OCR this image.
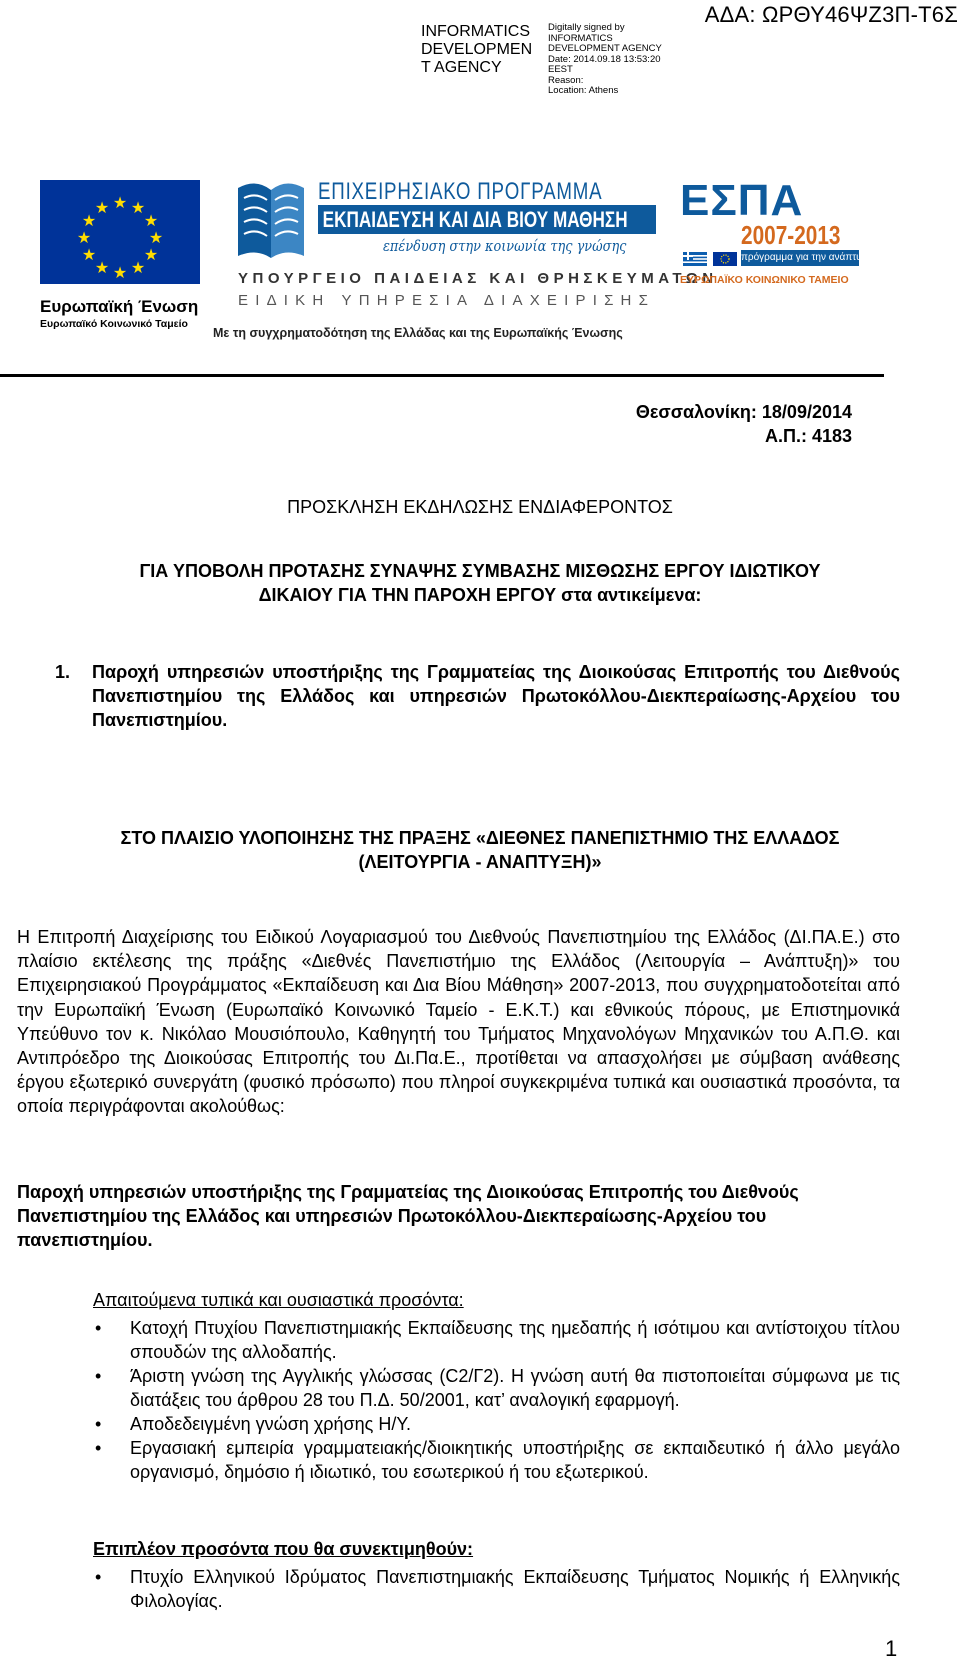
ΑΔΑ: ΩΡΘΥ46ΨΖ3Π-Τ6Σ
INFORMATICS
DEVELOPMEN
T AGENCY
Digitally signed by
INFORMATICS
DEVELOPMENT AGENCY
Date: 2014.09.18 13:53:20
EEST
Reason:
Location: Athens
★ ★
★
★
★
★
★
★
★
★
★
★
Ευρωπαϊκή Ένωση
Ευρωπαϊκό Κοινωνικό Ταμείο
ΕΠΙΧΕΙΡΗΣΙΑΚΟ ΠΡΟΓΡΑΜΜΑ
ΕΚΠΑΙΔΕΥΣΗ ΚΑΙ ΔΙΑ ΒΙΟΥ ΜΑΘΗΣΗ
επένδυση στην κοινωνία της γνώσης
ΥΠΟΥΡΓΕΙΟ ΠΑΙΔΕΙΑΣ ΚΑΙ ΘΡΗΣΚΕΥΜΑΤΩΝ
ΕΙΔΙΚΗ ΥΠΗΡΕΣΙΑ ΔΙΑΧΕΙΡΙΣΗΣ
Με τη συγχρηματοδότηση της Ελλάδας και της Ευρωπαϊκής Ένωσης
ΕΣΠΑ
2007-2013
πρόγραμμα για την ανάπτυξη
ΕΥΡΩΠΑΪΚΟ ΚΟΙΝΩΝΙΚΟ ΤΑΜΕΙΟ
Θεσσαλονίκη: 18/09/2014
Α.Π.: 4183
ΠΡΟΣΚΛΗΣΗ ΕΚΔΗΛΩΣΗΣ ΕΝΔΙΑΦΕΡΟΝΤΟΣ
ΓΙΑ ΥΠΟΒΟΛΗ ΠΡΟΤΑΣΗΣ ΣΥΝΑΨΗΣ ΣΥΜΒΑΣΗΣ ΜΙΣΘΩΣΗΣ ΕΡΓΟΥ ΙΔΙΩΤΙΚΟΥ
ΔΙΚΑΙΟΥ ΓΙΑ ΤΗΝ ΠΑΡΟΧΗ ΕΡΓΟΥ στα αντικείμενα:
1. Παροχή υπηρεσιών υποστήριξης της Γραμματείας της Διοικούσας Επιτροπής του Διεθνούς Πανεπιστημίου της Ελλάδος και υπηρεσιών Πρωτοκόλλου-Διεκπεραίωσης-Αρχείου του Πανεπιστημίου.
ΣΤΟ ΠΛΑΙΣΙΟ ΥΛΟΠΟΙΗΣΗΣ ΤΗΣ ΠΡΑΞΗΣ «ΔΙΕΘΝΕΣ ΠΑΝΕΠΙΣΤΗΜΙΟ ΤΗΣ ΕΛΛΑΔΟΣ
(ΛΕΙΤΟΥΡΓΙΑ - ΑΝΑΠΤΥΞΗ)»
Η Επιτροπή Διαχείρισης του Ειδικού Λογαριασμού του Διεθνούς Πανεπιστημίου της Ελλάδος (ΔΙ.ΠΑ.Ε.) στο πλαίσιο εκτέλεσης της πράξης «Διεθνές Πανεπιστήμιο της Ελλάδος (Λειτουργία – Ανάπτυξη)» του Επιχειρησιακού Προγράμματος «Εκπαίδευση και Δια Βίου Μάθηση» 2007-2013, που συγχρηματοδοτείται από την Ευρωπαϊκή Ένωση (Ευρωπαϊκό Κοινωνικό Ταμείο - Ε.Κ.Τ.) και εθνικούς πόρους, με Επιστημονικά Υπεύθυνο τον κ. Νικόλαο Μουσιόπουλο, Καθηγητή του Τμήματος Μηχανολόγων Μηχανικών του Α.Π.Θ. και Αντιπρόεδρο της Διοικούσας Επιτροπής του Δι.Πα.Ε., προτίθεται να απασχολήσει με σύμβαση ανάθεσης έργου εξωτερικό συνεργάτη (φυσικό πρόσωπο) που πληροί συγκεκριμένα τυπικά και ουσιαστικά προσόντα, τα οποία περιγράφονται ακολούθως:
Παροχή υπηρεσιών υποστήριξης της Γραμματείας της Διοικούσας Επιτροπής του Διεθνούς Πανεπιστημίου της Ελλάδος και υπηρεσιών Πρωτοκόλλου-Διεκπεραίωσης-Αρχείου του πανεπιστημίου.
Απαιτούμενα τυπικά και ουσιαστικά προσόντα:
• Κατοχή Πτυχίου Πανεπιστημιακής Εκπαίδευσης της ημεδαπής ή ισότιμου και αντίστοιχου τίτλου σπουδών της αλλοδαπής.
• Άριστη γνώση της Αγγλικής γλώσσας (C2/Γ2). Η γνώση αυτή θα πιστοποιείται σύμφωνα με τις διατάξεις του άρθρου 28 του Π.Δ. 50/2001, κατ’ αναλογική εφαρμογή.
• Αποδεδειγμένη γνώση χρήσης Η/Υ.
• Εργασιακή εμπειρία γραμματειακής/διοικητικής υποστήριξης σε εκπαιδευτικό ή άλλο μεγάλο οργανισμό, δημόσιο ή ιδιωτικό, του εσωτερικού ή του εξωτερικού.
Επιπλέον προσόντα που θα συνεκτιμηθούν:
• Πτυχίο Ελληνικού Ιδρύματος Πανεπιστημιακής Εκπαίδευσης Τμήματος Νομικής ή Ελληνικής Φιλολογίας.
1
